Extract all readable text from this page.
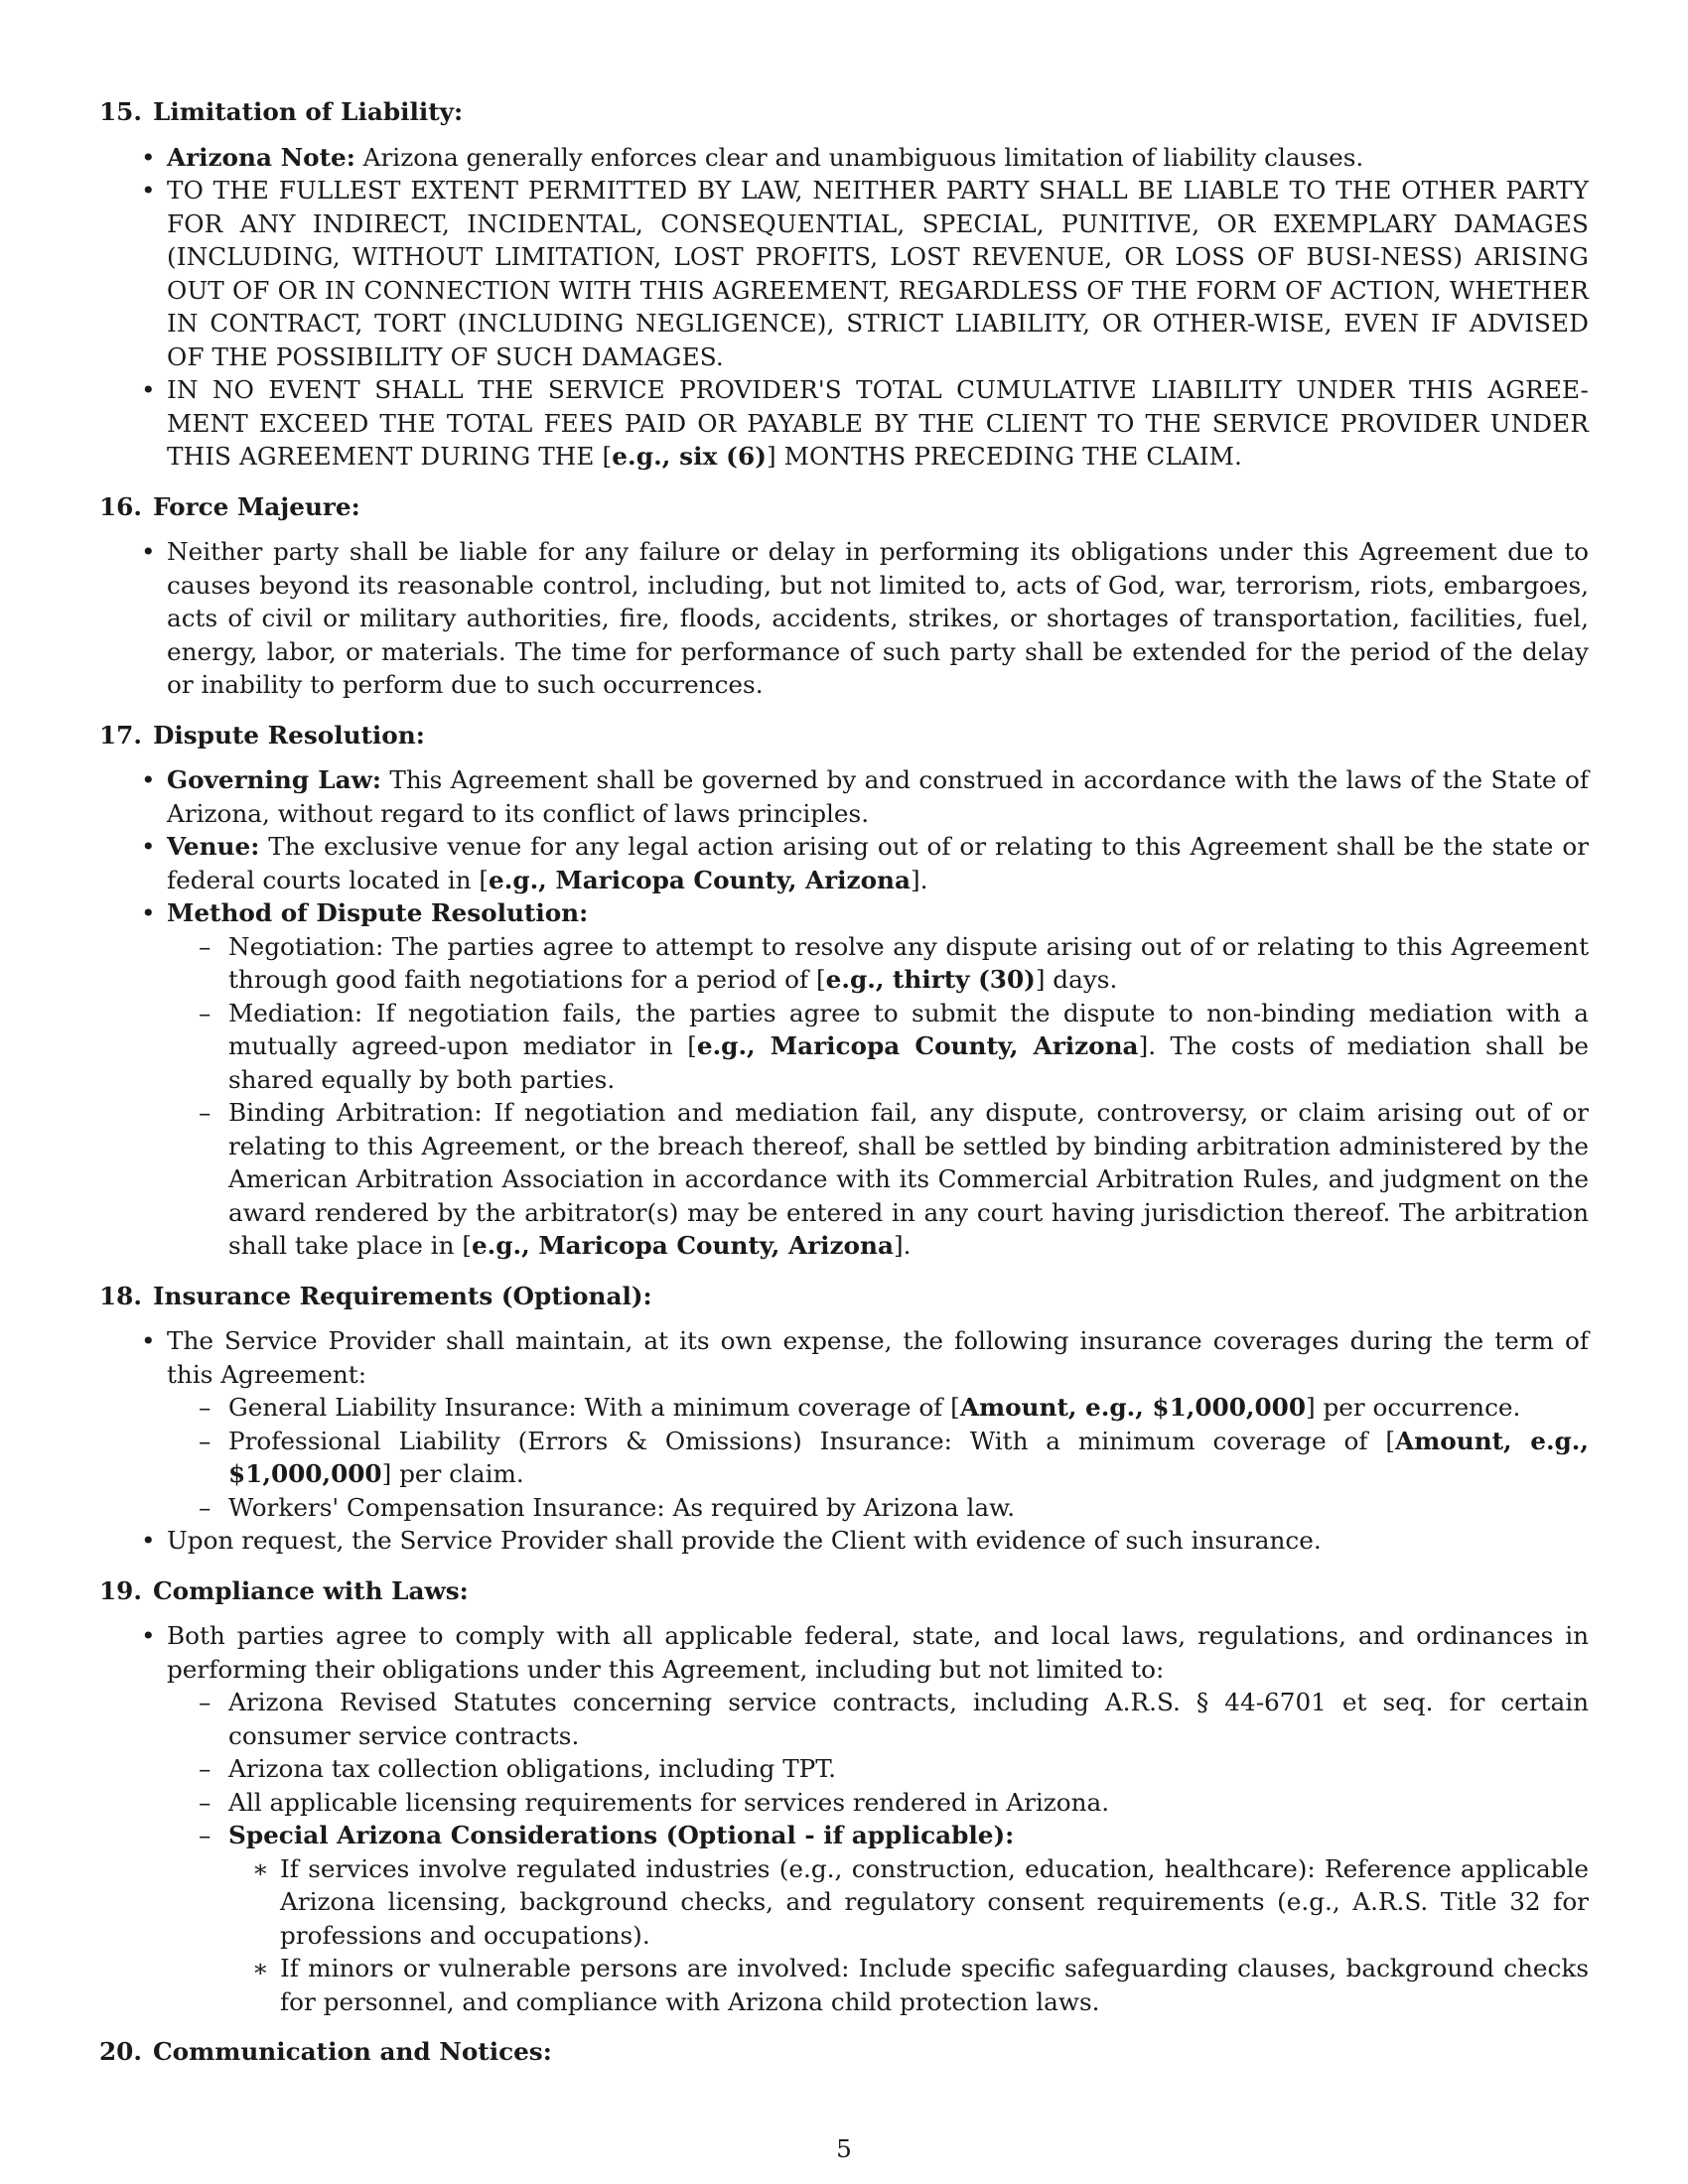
15. Limitation of Liability:
• Arizona Note: Arizona generally enforces clear and unambiguous limitation of liability clauses.
• TO THE FULLEST EXTENT PERMITTED BY LAW, NEITHER PARTY SHALL BE LIABLE TO THE OTHER PARTY FOR ANY INDIRECT, INCIDENTAL, CONSEQUENTIAL, SPECIAL, PUNITIVE, OR EXEMPLARY DAMAGES (INCLUDING, WITHOUT LIMITATION, LOST PROFITS, LOST REVENUE, OR LOSS OF BUSI-NESS) ARISING OUT OF OR IN CONNECTION WITH THIS AGREEMENT, REGARDLESS OF THE FORM OF ACTION, WHETHER IN CONTRACT, TORT (INCLUDING NEGLIGENCE), STRICT LIABILITY, OR OTHER-WISE, EVEN IF ADVISED OF THE POSSIBILITY OF SUCH DAMAGES.
• IN NO EVENT SHALL THE SERVICE PROVIDER'S TOTAL CUMULATIVE LIABILITY UNDER THIS AGREE-MENT EXCEED THE TOTAL FEES PAID OR PAYABLE BY THE CLIENT TO THE SERVICE PROVIDER UNDER THIS AGREEMENT DURING THE [e.g., six (6)] MONTHS PRECEDING THE CLAIM.
16. Force Majeure:
• Neither party shall be liable for any failure or delay in performing its obligations under this Agreement due to causes beyond its reasonable control, including, but not limited to, acts of God, war, terrorism, riots, embargoes, acts of civil or military authorities, fire, floods, accidents, strikes, or shortages of transportation, facilities, fuel, energy, labor, or materials. The time for performance of such party shall be extended for the period of the delay or inability to perform due to such occurrences.
17. Dispute Resolution:
• Governing Law: This Agreement shall be governed by and construed in accordance with the laws of the State of Arizona, without regard to its conflict of laws principles.
• Venue: The exclusive venue for any legal action arising out of or relating to this Agreement shall be the state or federal courts located in [e.g., Maricopa County, Arizona].
• Method of Dispute Resolution:
– Negotiation: The parties agree to attempt to resolve any dispute arising out of or relating to this Agreement through good faith negotiations for a period of [e.g., thirty (30)] days.
– Mediation: If negotiation fails, the parties agree to submit the dispute to non-binding mediation with a mutually agreed-upon mediator in [e.g., Maricopa County, Arizona]. The costs of mediation shall be shared equally by both parties.
– Binding Arbitration: If negotiation and mediation fail, any dispute, controversy, or claim arising out of or relating to this Agreement, or the breach thereof, shall be settled by binding arbitration administered by the American Arbitration Association in accordance with its Commercial Arbitration Rules, and judgment on the award rendered by the arbitrator(s) may be entered in any court having jurisdiction thereof. The arbitration shall take place in [e.g., Maricopa County, Arizona].
18. Insurance Requirements (Optional):
• The Service Provider shall maintain, at its own expense, the following insurance coverages during the term of this Agreement:
– General Liability Insurance: With a minimum coverage of [Amount, e.g., $1,000,000] per occurrence.
– Professional Liability (Errors & Omissions) Insurance: With a minimum coverage of [Amount, e.g., $1,000,000] per claim.
– Workers' Compensation Insurance: As required by Arizona law.
• Upon request, the Service Provider shall provide the Client with evidence of such insurance.
19. Compliance with Laws:
• Both parties agree to comply with all applicable federal, state, and local laws, regulations, and ordinances in performing their obligations under this Agreement, including but not limited to:
– Arizona Revised Statutes concerning service contracts, including A.R.S. § 44-6701 et seq. for certain consumer service contracts.
– Arizona tax collection obligations, including TPT.
– All applicable licensing requirements for services rendered in Arizona.
– Special Arizona Considerations (Optional - if applicable):
∗ If services involve regulated industries (e.g., construction, education, healthcare): Reference applicable Arizona licensing, background checks, and regulatory consent requirements (e.g., A.R.S. Title 32 for professions and occupations).
∗ If minors or vulnerable persons are involved: Include specific safeguarding clauses, background checks for personnel, and compliance with Arizona child protection laws.
20. Communication and Notices:
5
